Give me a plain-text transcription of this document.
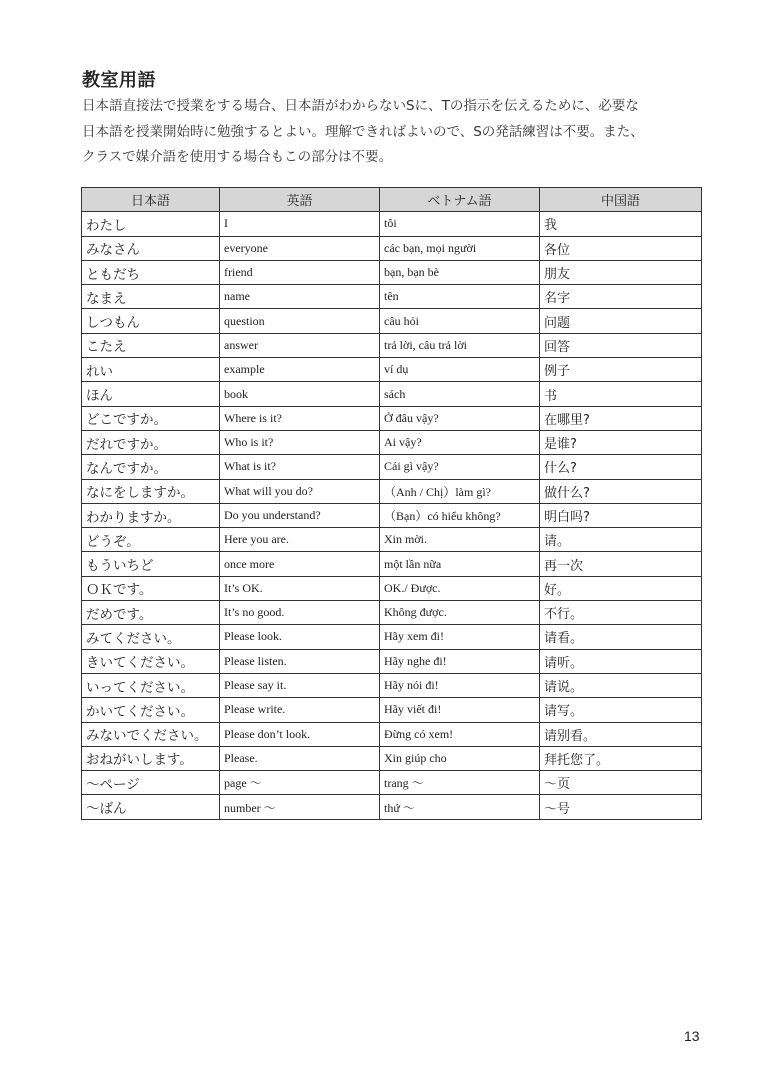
教室用語

日本語直接法で授業をする場合、日本語がわからないSに、Tの指示を伝えるために、必要な

日本語を授業開始時に勉強するとよい。理解できればよいので、Sの発話練習は不要。また、

クラスで媒介語を使用する場合もこの部分は不要。

日本語	英語	ベトナム語	中国語
わたし	I	tôi	我
みなさん	everyone	các bạn, mọi người	各位
ともだち	friend	bạn, bạn bè	朋友
なまえ	name	tên	名字
しつもん	question	câu hỏi	问题
こたえ	answer	trả lời, câu trả lời	回答
れい	example	ví dụ	例子
ほん	book	sách	书
どこですか。	Where is it?	Ở đâu vậy?	在哪里?
だれですか。	Who is it?	Ai vậy?	是谁?
なんですか。	What is it?	Cái gì vậy?	什么?
なにをしますか。	What will you do?	（Anh / Chị）làm gì?	做什么?
わかりますか。	Do you understand?	（Bạn）có hiểu không?	明白吗?
どうぞ。	Here you are.	Xin mời.	请。
もういちど	once more	một lần nữa	再一次
ＯＫです。	It’s OK.	OK./ Được.	好。
だめです。	It’s no good.	Không được.	不行。
みてください。	Please look.	Hãy xem đi!	请看。
きいてください。	Please listen.	Hãy nghe đi!	请听。
いってください。	Please say it.	Hãy nói đi!	请说。
かいてください。	Please write.	Hãy viết đi!	请写。
みないでください。	Please don’t look.	Đừng có xem!	请别看。
おねがいします。	Please.	Xin giúp cho	拜托您了。
～ページ	page ～	trang ～	～页
～ばん	number ～	thứ ～	～号
13
